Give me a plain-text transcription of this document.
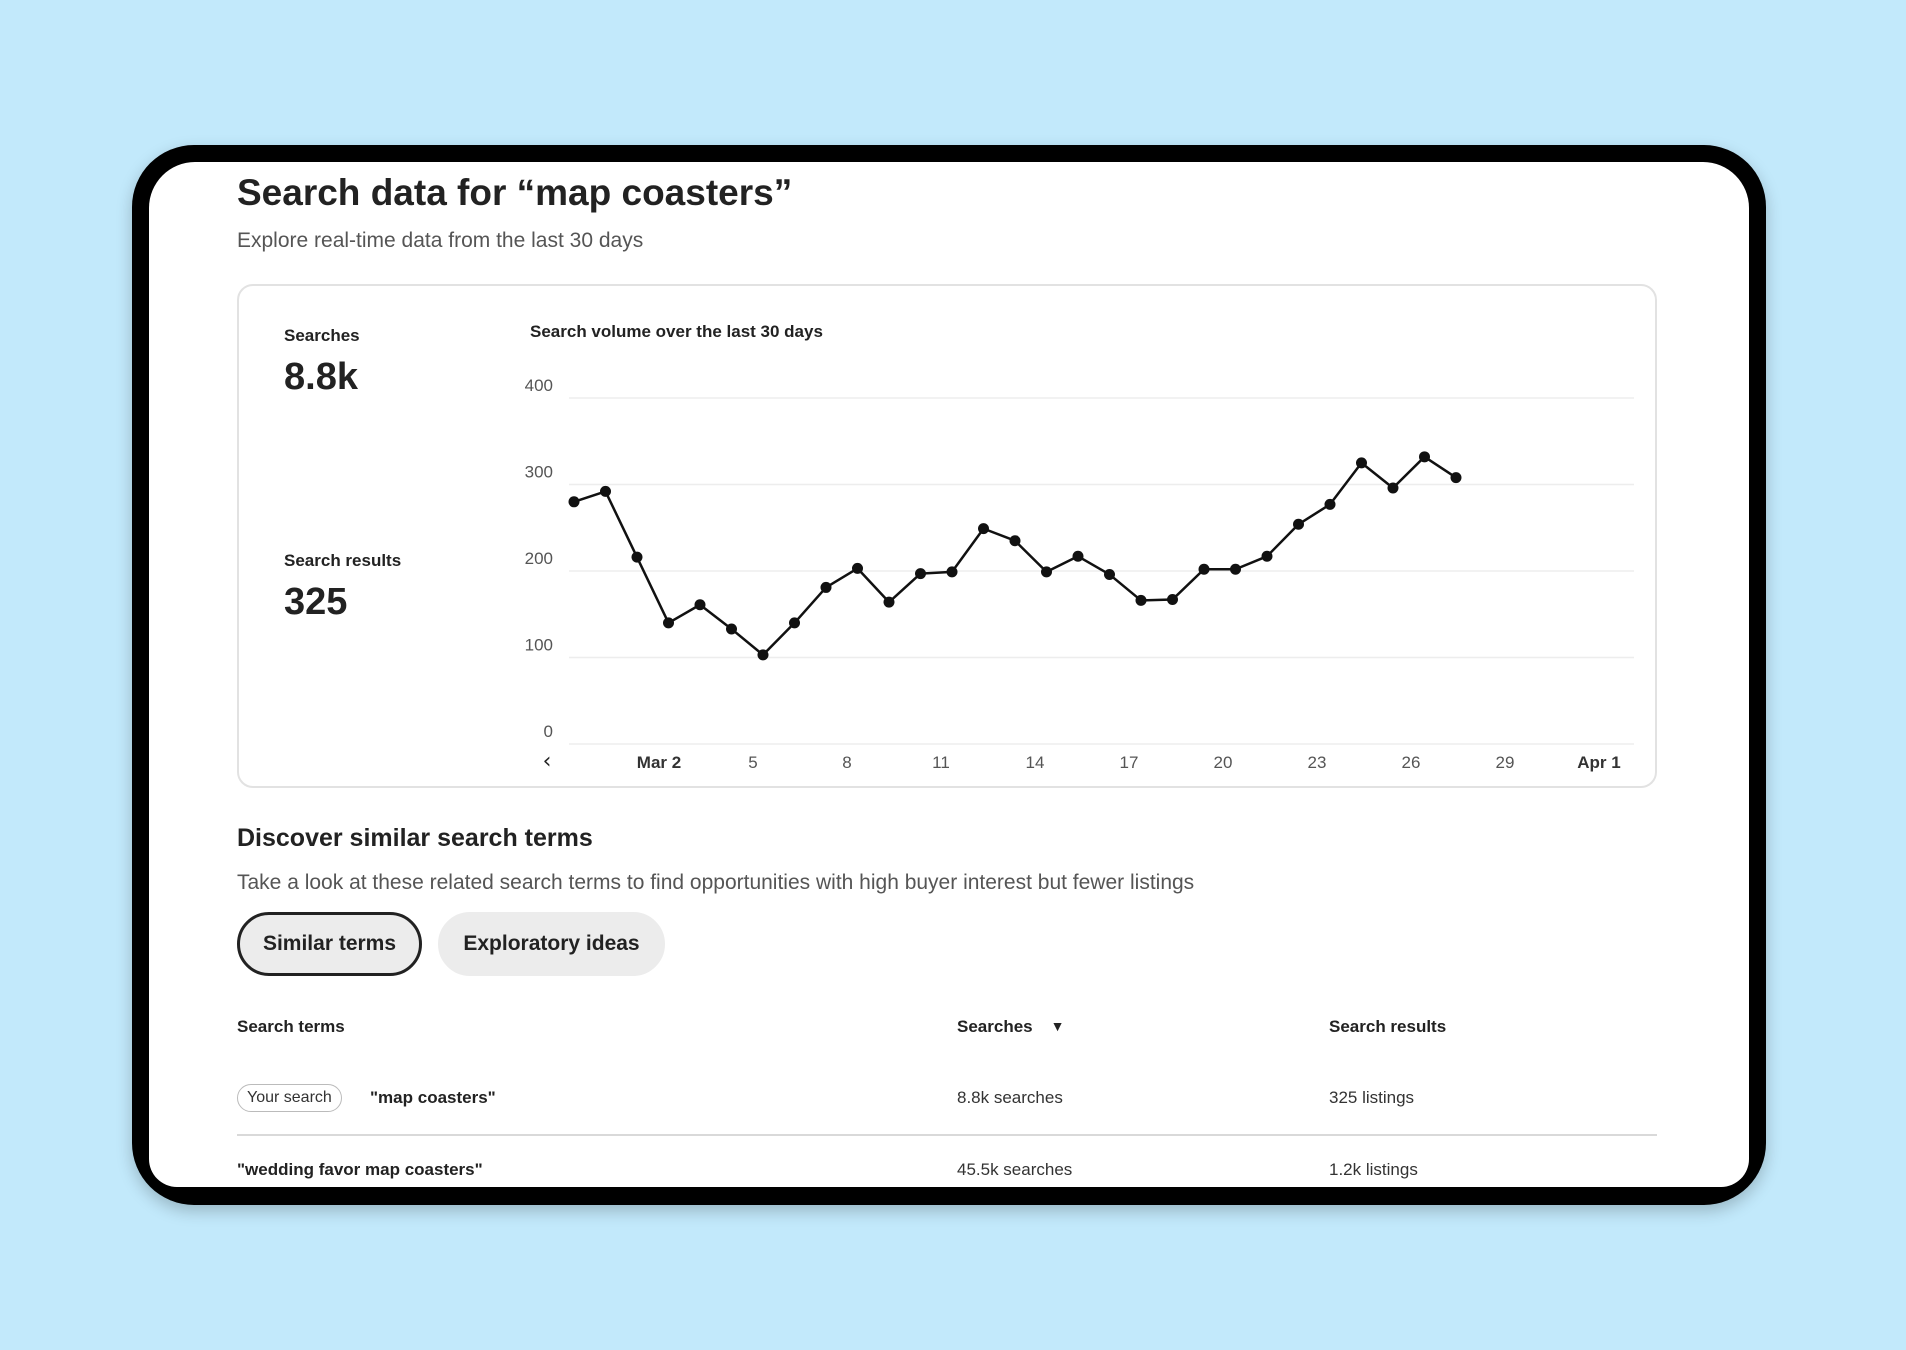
Search data for “map coasters”
Explore real-time data from the last 30 days
Searches
8.8k
Search results
325
Search volume over the last 30 days
0
100
200
300
400
‹	Mar 2	5	8	11	14	17	20	23	26	29	Apr 1
Discover similar search terms
Take a look at these related search terms to find opportunities with high buyer interest but fewer listings
Similar terms	Exploratory ideas
Search terms	Searches ▼	Search results
Your search	"map coasters"	8.8k searches	325 listings
"wedding favor map coasters"	45.5k searches	1.2k listings
